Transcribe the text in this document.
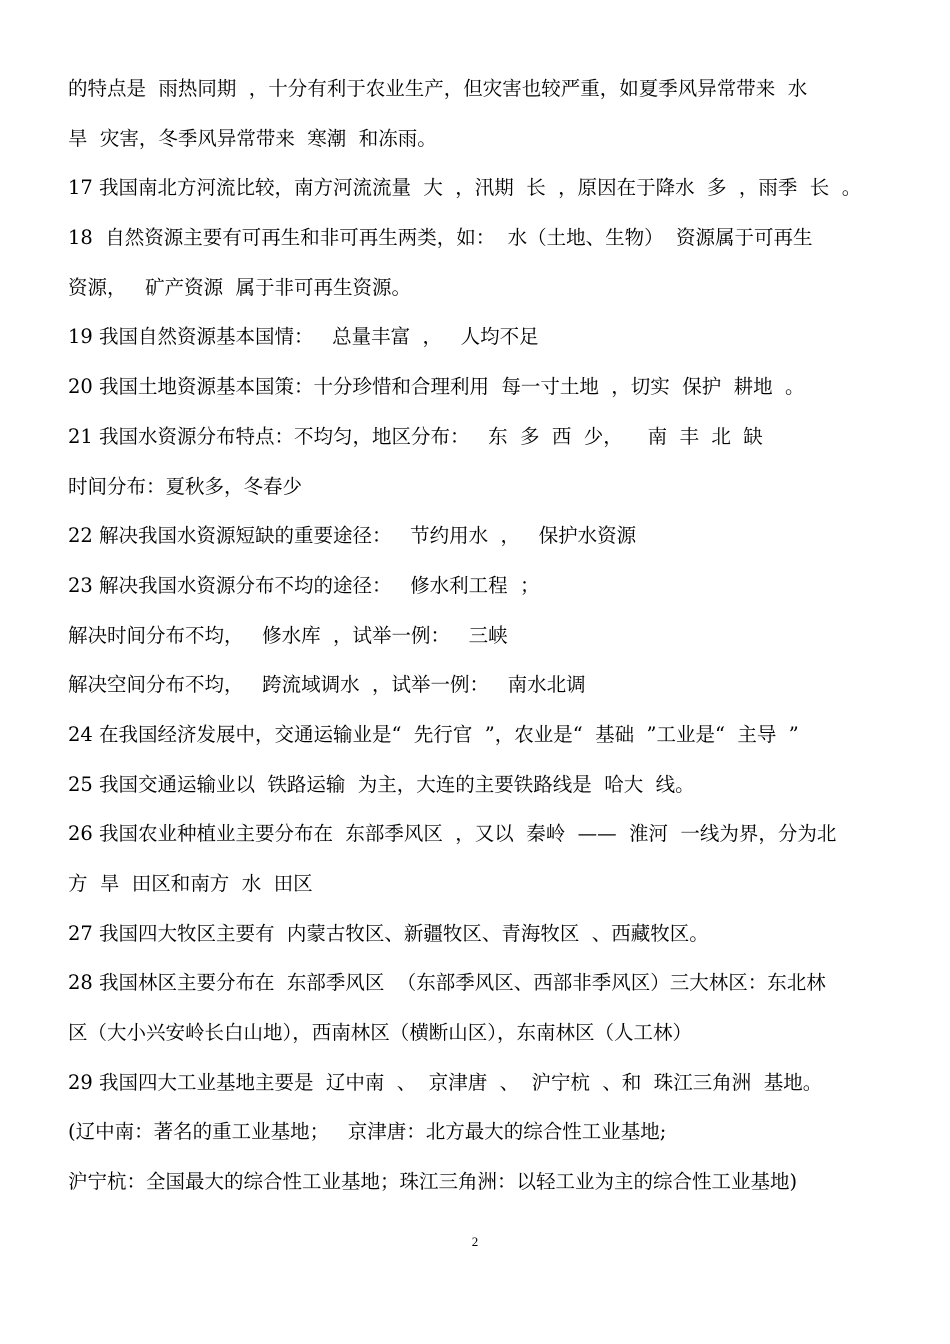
的特点是  雨热同期  ，十分有利于农业生产，但灾害也较严重，如夏季风异常带来  水
旱  灾害，冬季风异常带来  寒潮  和冻雨。
17 我国南北方河流比较，南方河流流量  大  ，汛期  长  ，原因在于降水  多  ，雨季  长  。
18  自然资源主要有可再生和非可再生两类，如：  水（土地、生物）  资源属于可再生
资源，   矿产资源  属于非可再生资源。
19 我国自然资源基本国情：   总量丰富  ，   人均不足
20 我国土地资源基本国策：十分珍惜和合理利用  每一寸土地  ，切实  保护  耕地  。
21 我国水资源分布特点：不均匀，地区分布：   东  多  西  少，    南  丰  北  缺
时间分布：夏秋多，冬春少
22 解决我国水资源短缺的重要途径：   节约用水  ，   保护水资源
23 解决我国水资源分布不均的途径：   修水利工程  ；
解决时间分布不均，   修水库  ，试举一例：   三峡
解决空间分布不均，   跨流域调水  ，试举一例：   南水北调
24 在我国经济发展中，交通运输业是“  先行官  ”，农业是“  基础  ”工业是“  主导  ”
25 我国交通运输业以  铁路运输  为主，大连的主要铁路线是  哈大  线。
26 我国农业种植业主要分布在  东部季风区  ，又以  秦岭  ——  淮河  一线为界，分为北
方  旱  田区和南方  水  田区
27 我国四大牧区主要有  内蒙古牧区、新疆牧区、青海牧区  、西藏牧区。
28 我国林区主要分布在  东部季风区  （东部季风区、西部非季风区）三大林区：东北林
区（大小兴安岭长白山地），西南林区（横断山区），东南林区（人工林）
29 我国四大工业基地主要是  辽中南  、  京津唐  、  沪宁杭  、和  珠江三角洲  基地。
(辽中南：著名的重工业基地；   京津唐：北方最大的综合性工业基地;
沪宁杭：全国最大的综合性工业基地；珠江三角洲：以轻工业为主的综合性工业基地)
2
